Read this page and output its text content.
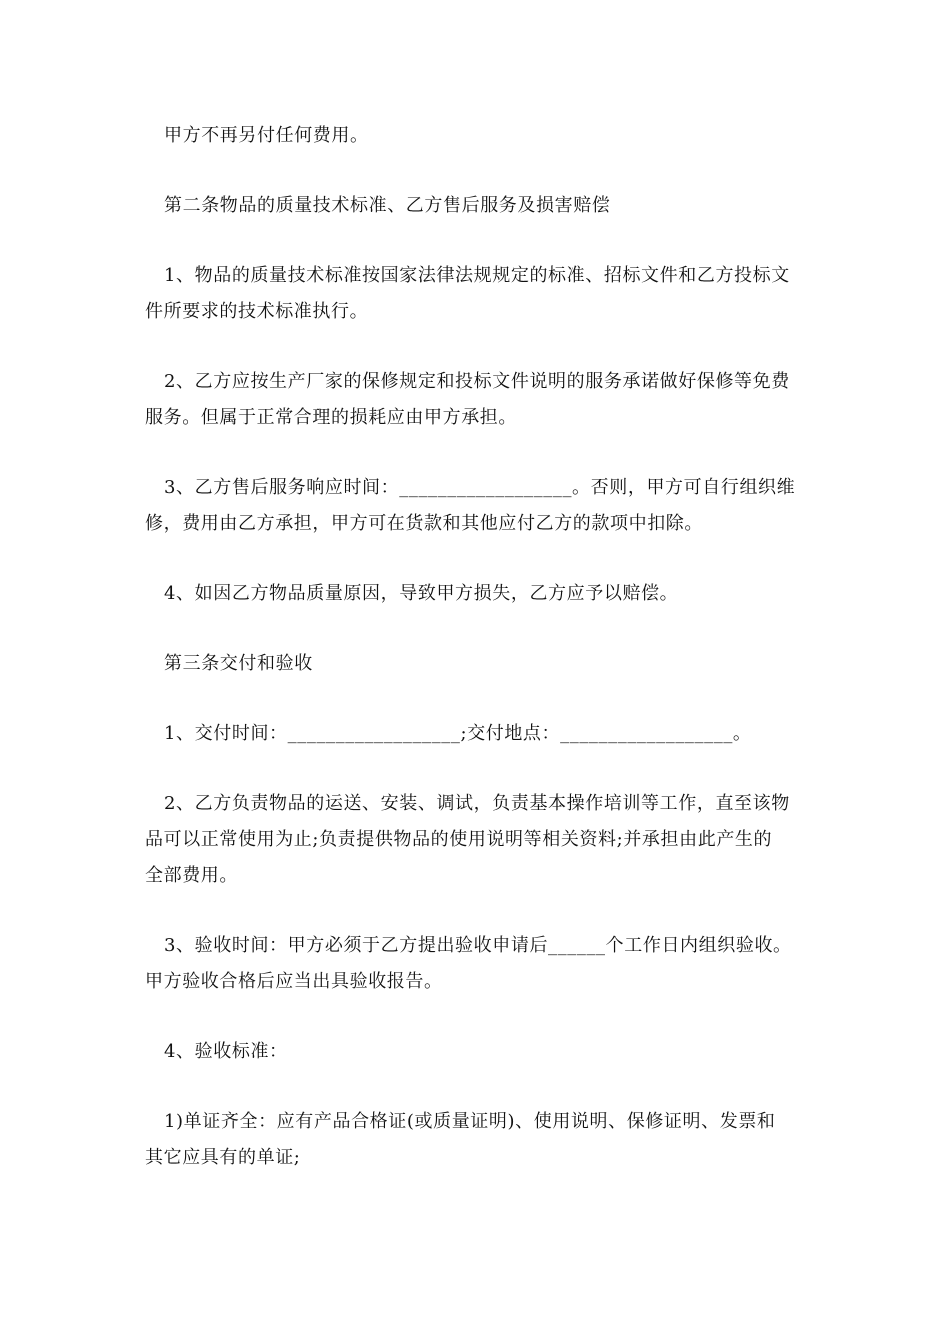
甲方不再另付任何费用。
第二条物品的质量技术标准、乙方售后服务及损害赔偿
1、物品的质量技术标准按国家法律法规规定的标准、招标文件和乙方投标文
件所要求的技术标准执行。
2、乙方应按生产厂家的保修规定和投标文件说明的服务承诺做好保修等免费
服务。但属于正常合理的损耗应由甲方承担。
3、乙方售后服务响应时间：__________________。否则，甲方可自行组织维
修，费用由乙方承担，甲方可在货款和其他应付乙方的款项中扣除。
4、如因乙方物品质量原因，导致甲方损失，乙方应予以赔偿。
第三条交付和验收
1、交付时间：__________________;交付地点：__________________。
2、乙方负责物品的运送、安装、调试，负责基本操作培训等工作，直至该物
品可以正常使用为止;负责提供物品的使用说明等相关资料;并承担由此产生的
全部费用。
3、验收时间：甲方必须于乙方提出验收申请后______个工作日内组织验收。
甲方验收合格后应当出具验收报告。
4、验收标准：
1)单证齐全：应有产品合格证(或质量证明)、使用说明、保修证明、发票和
其它应具有的单证;
